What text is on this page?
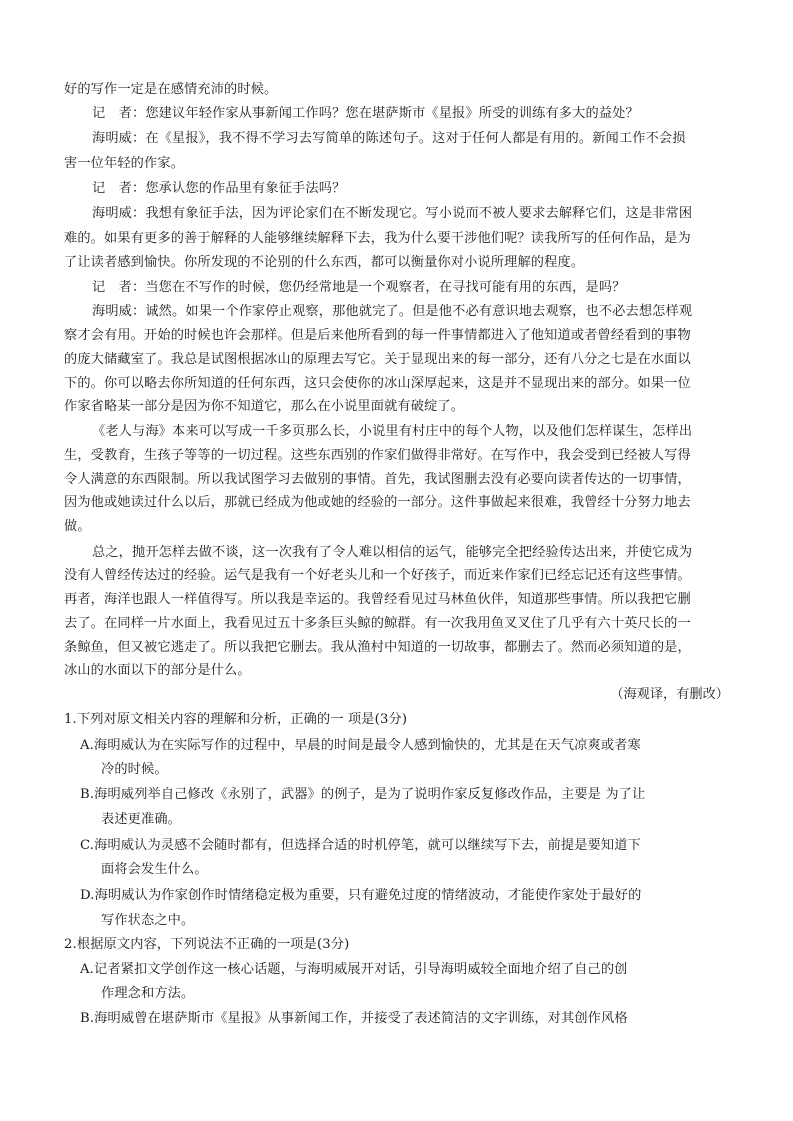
好的写作一定是在感情充沛的时候。
记　者：您建议年轻作家从事新闻工作吗？您在堪萨斯市《星报》所受的训练有多大的益处？
海明威：在《星报》，我不得不学习去写简单的陈述句子。这对于任何人都是有用的。新闻工作不会损
害一位年轻的作家。
记　者：您承认您的作品里有象征手法吗？
海明威：我想有象征手法，因为评论家们在不断发现它。写小说而不被人要求去解释它们，这是非常困
难的。如果有更多的善于解释的人能够继续解释下去，我为什么要干涉他们呢？读我所写的任何作品，是为
了让读者感到愉快。你所发现的不论别的什么东西，都可以衡量你对小说所理解的程度。
记　者：当您在不写作的时候，您仍经常地是一个观察者，在寻找可能有用的东西，是吗？
海明威：诚然。如果一个作家停止观察，那他就完了。但是他不必有意识地去观察，也不必去想怎样观
察才会有用。开始的时候也许会那样。但是后来他所看到的每一件事情都进入了他知道或者曾经看到的事物
的庞大储藏室了。我总是试图根据冰山的原理去写它。关于显现出来的每一部分，还有八分之七是在水面以
下的。你可以略去你所知道的任何东西，这只会使你的冰山深厚起来，这是并不显现出来的部分。如果一位
作家省略某一部分是因为你不知道它，那么在小说里面就有破绽了。
《老人与海》本来可以写成一千多页那么长，小说里有村庄中的每个人物，以及他们怎样谋生，怎样出
生，受教育，生孩子等等的一切过程。这些东西别的作家们做得非常好。在写作中，我会受到已经被人写得
令人满意的东西限制。所以我试图学习去做别的事情。首先，我试图删去没有必要向读者传达的一切事情，
因为他或她读过什么以后，那就已经成为他或她的经验的一部分。这件事做起来很难，我曾经十分努力地去
做。
总之，抛开怎样去做不谈，这一次我有了令人难以相信的运气，能够完全把经验传达出来，并使它成为
没有人曾经传达过的经验。运气是我有一个好老头儿和一个好孩子，而近来作家们已经忘记还有这些事情。
再者，海洋也跟人一样值得写。所以我是幸运的。我曾经看见过马林鱼伙伴，知道那些事情。所以我把它删
去了。在同样一片水面上，我看见过五十多条巨头鲸的鲸群。有一次我用鱼叉叉住了几乎有六十英尺长的一
条鲸鱼，但又被它逃走了。所以我把它删去。我从渔村中知道的一切故事，都删去了。然而必须知道的是，
冰山的水面以下的部分是什么。
（海观译，有删改）
1.下列对原文相关内容的理解和分析，正确的一 项是(3分)
A.海明威认为在实际写作的过程中，早晨的时间是最令人感到愉快的，尤其是在天气凉爽或者寒
冷的时候。
B.海明威列举自己修改《永别了，武器》的例子，是为了说明作家反复修改作品，主要是 为了让
表述更准确。
C.海明威认为灵感不会随时都有，但选择合适的时机停笔，就可以继续写下去，前提是要知道下
面将会发生什么。
D.海明威认为作家创作时情绪稳定极为重要，只有避免过度的情绪波动，才能使作家处于最好的
写作状态之中。
2.根据原文内容，下列说法不正确的一项是(3分)
A.记者紧扣文学创作这一核心话题，与海明威展开对话，引导海明威较全面地介绍了自己的创
作理念和方法。
B.海明威曾在堪萨斯市《星报》从事新闻工作，并接受了表述简洁的文字训练，对其创作风格
